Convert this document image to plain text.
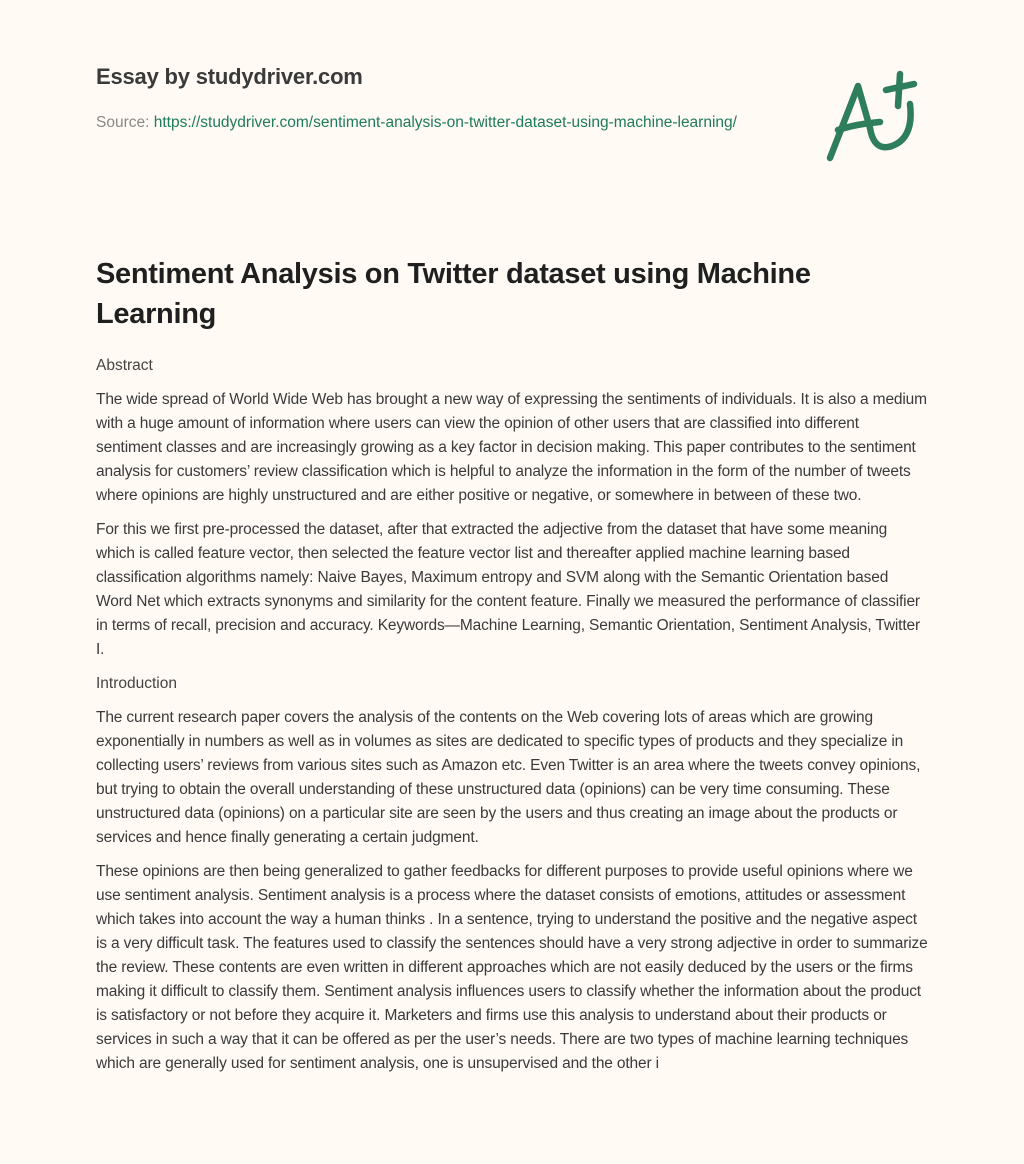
Essay by studydriver.com
Source: https://studydriver.com/sentiment-analysis-on-twitter-dataset-using-machine-learning/
Sentiment Analysis on Twitter dataset using Machine Learning

Abstract

The wide spread of World Wide Web has brought a new way of expressing the sentiments of individuals. It is also a medium with a huge amount of information where users can view the opinion of other users that are classified into different sentiment classes and are increasingly growing as a key factor in decision making. This paper contributes to the sentiment analysis for customers’ review classification which is helpful to analyze the information in the form of the number of tweets where opinions are highly unstructured and are either positive or negative, or somewhere in between of these two.

For this we first pre-processed the dataset, after that extracted the adjective from the dataset that have some meaning which is called feature vector, then selected the feature vector list and thereafter applied machine learning based classification algorithms namely: Naive Bayes, Maximum entropy and SVM along with the Semantic Orientation based Word Net which extracts synonyms and similarity for the content feature. Finally we measured the performance of classifier in terms of recall, precision and accuracy. Keywords—Machine Learning, Semantic Orientation, Sentiment Analysis, Twitter I.

Introduction

The current research paper covers the analysis of the contents on the Web covering lots of areas which are growing exponentially in numbers as well as in volumes as sites are dedicated to specific types of products and they specialize in collecting users’ reviews from various sites such as Amazon etc. Even Twitter is an area where the tweets convey opinions, but trying to obtain the overall understanding of these unstructured data (opinions) can be very time consuming. These unstructured data (opinions) on a particular site are seen by the users and thus creating an image about the products or services and hence finally generating a certain judgment.

These opinions are then being generalized to gather feedbacks for different purposes to provide useful opinions where we use sentiment analysis. Sentiment analysis is a process where the dataset consists of emotions, attitudes or assessment which takes into account the way a human thinks . In a sentence, trying to understand the positive and the negative aspect is a very difficult task. The features used to classify the sentences should have a very strong adjective in order to summarize the review. These contents are even written in different approaches which are not easily deduced by the users or the firms making it difficult to classify them. Sentiment analysis influences users to classify whether the information about the product is satisfactory or not before they acquire it. Marketers and firms use this analysis to understand about their products or services in such a way that it can be offered as per the user’s needs. There are two types of machine learning techniques which are generally used for sentiment analysis, one is unsupervised and the other i
